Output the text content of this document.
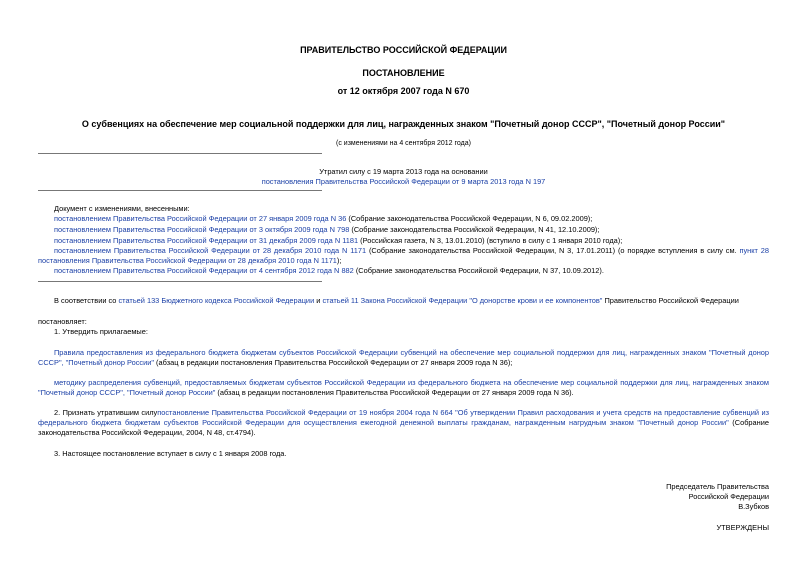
ПРАВИТЕЛЬСТВО РОССИЙСКОЙ ФЕДЕРАЦИИ
ПОСТАНОВЛЕНИЕ
от 12 октября 2007 года N 670
О субвенциях на обеспечение мер социальной поддержки для лиц, награжденных знаком "Почетный донор СССР", "Почетный донор России"
(с изменениями на 4 сентября 2012 года)
Утратил силу с 19 марта 2013 года на основании
постановления Правительства Российской Федерации от 9 марта 2013 года N 197
Документ с изменениями, внесенными:
постановлением Правительства Российской Федерации от 27 января 2009 года N 36 (Собрание законодательства Российской Федерации, N 6, 09.02.2009);
постановлением Правительства Российской Федерации от 3 октября 2009 года N 798 (Собрание законодательства Российской Федерации, N 41, 12.10.2009);
постановлением Правительства Российской Федерации от 31 декабря 2009 года N 1181 (Российская газета, N 3, 13.01.2010) (вступило в силу с 1 января 2010 года);
постановлением Правительства Российской Федерации от 28 декабря 2010 года N 1171 (Собрание законодательства Российской Федерации, N 3, 17.01.2011) (о порядке вступления в силу см. пункт 28 постановления Правительства Российской Федерации от 28 декабря 2010 года N 1171);
постановлением Правительства Российской Федерации от 4 сентября 2012 года N 882 (Собрание законодательства Российской Федерации, N 37, 10.09.2012).
В соответствии со статьей 133 Бюджетного кодекса Российской Федерации и статьей 11 Закона Российской Федерации "О донорстве крови и ее компонентов" Правительство Российской Федерации
постановляет:
1. Утвердить прилагаемые:
Правила предоставления из федерального бюджета бюджетам субъектов Российской Федерации субвенций на обеспечение мер социальной поддержки для лиц, награжденных знаком "Почетный донор СССР", "Почетный донор России" (абзац в редакции постановления Правительства Российской Федерации от 27 января 2009 года N 36);
методику распределения субвенций, предоставляемых бюджетам субъектов Российской Федерации из федерального бюджета на обеспечение мер социальной поддержки для лиц, награжденных знаком "Почетный донор СССР", "Почетный донор России" (абзац в редакции постановления Правительства Российской Федерации от 27 января 2009 года N 36).
2. Признать утратившим силупостановление Правительства Российской Федерации от 19 ноября 2004 года N 664 "Об утверждении Правил расходования и учета средств на предоставление субвенций из федерального бюджета бюджетам субъектов Российской Федерации для осуществления ежегодной денежной выплаты гражданам, награжденным нагрудным знаком "Почетный донор России" (Собрание законодательства Российской Федерации, 2004, N 48, ст.4794).
3. Настоящее постановление вступает в силу с 1 января 2008 года.
Председатель Правительства
Российской Федерации
В.Зубков
УТВЕРЖДЕНЫ
